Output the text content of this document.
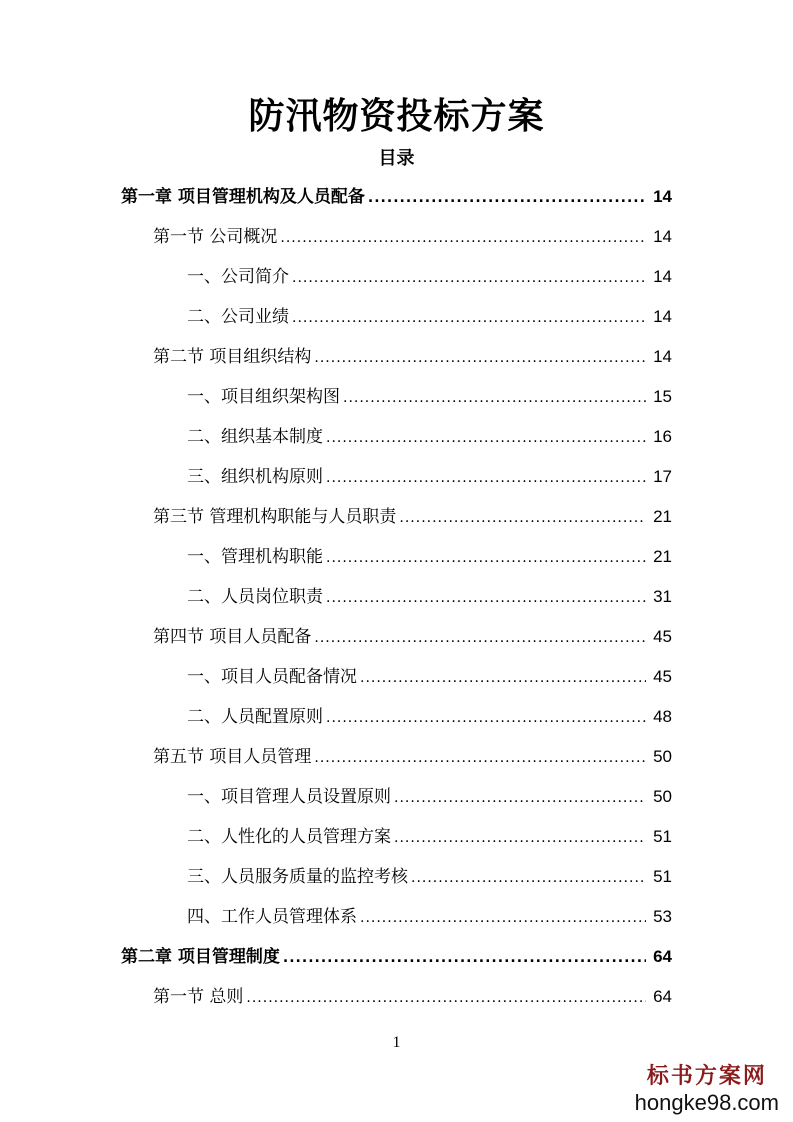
防汛物资投标方案
目录
第一章 项目管理机构及人员配备 .....	14
第一节 公司概况 .....	14
一、公司简介 .....	14
二、公司业绩 .....	14
第二节 项目组织结构 .....	14
一、项目组织架构图 .....	15
二、组织基本制度 .....	16
三、组织机构原则 .....	17
第三节 管理机构职能与人员职责 .....	21
一、管理机构职能 .....	21
二、人员岗位职责 .....	31
第四节 项目人员配备 .....	45
一、项目人员配备情况 .....	45
二、人员配置原则 .....	48
第五节 项目人员管理 .....	50
一、项目管理人员设置原则 .....	50
二、人性化的人员管理方案 .....	51
三、人员服务质量的监控考核 .....	51
四、工作人员管理体系 .....	53
第二章 项目管理制度 .....	64
第一节 总则 .....	64
1
标书方案网
hongke98.com
